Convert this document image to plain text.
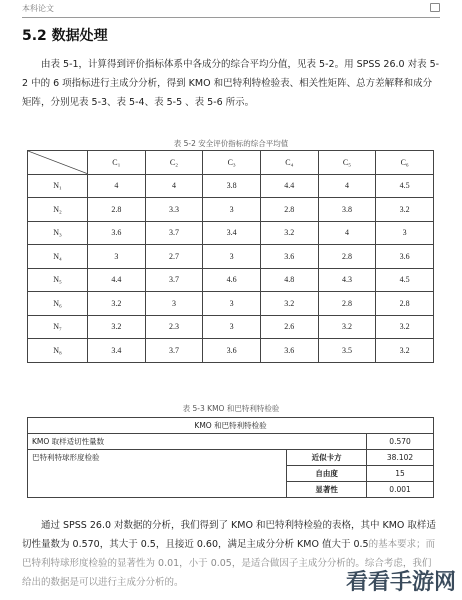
本科论文
5.2 数据处理

由表 5-1，计算得到评价指标体系中各成分的综合平均分值，见表 5-2。用 SPSS 26.0 对表 5-2 中的 6 项指标进行主成分分析，得到 KMO 和巴特利特检验表、相关性矩阵、总方差解释和成分矩阵，分别见表 5-3、表 5-4、表 5-5 、表 5-6 所示。

表 5-2 安全评价指标的综合平均值
	C₁	C₂	C₃	C₄	C₅	C₆
N₁	4	4	3.8	4.4	4	4.5
N₂	2.8	3.3	3	2.8	3.8	3.2
N₃	3.6	3.7	3.4	3.2	4	3
N₄	3	2.7	3	3.6	2.8	3.6
N₅	4.4	3.7	4.6	4.8	4.3	4.5
N₆	3.2	3	3	3.2	2.8	2.8
N₇	3.2	2.3	3	2.6	3.2	3.2
N₈	3.4	3.7	3.6	3.6	3.5	3.2
表 5-3 KMO 和巴特利特检验
KMO 和巴特利特检验		
KMO 取样适切性量数		0.570
巴特利特球形度检验	近似卡方	38.102
	自由度	15
	显著性	0.001
通过 SPSS 26.0 对数据的分析，我们得到了 KMO 和巴特利特检验的表格，其中 KMO 取样适切性量数为 0.570，其大于 0.5，且接近 0.60，满足主成分分析 KMO 值大于 0.5的基本要求；而巴特利特球形度检验的显著性为 0.01，小于 0.05，是适合做因子主成分分析的。综合考虑，我们给出的数据是可以进行主成分分析的。	看看手游网
